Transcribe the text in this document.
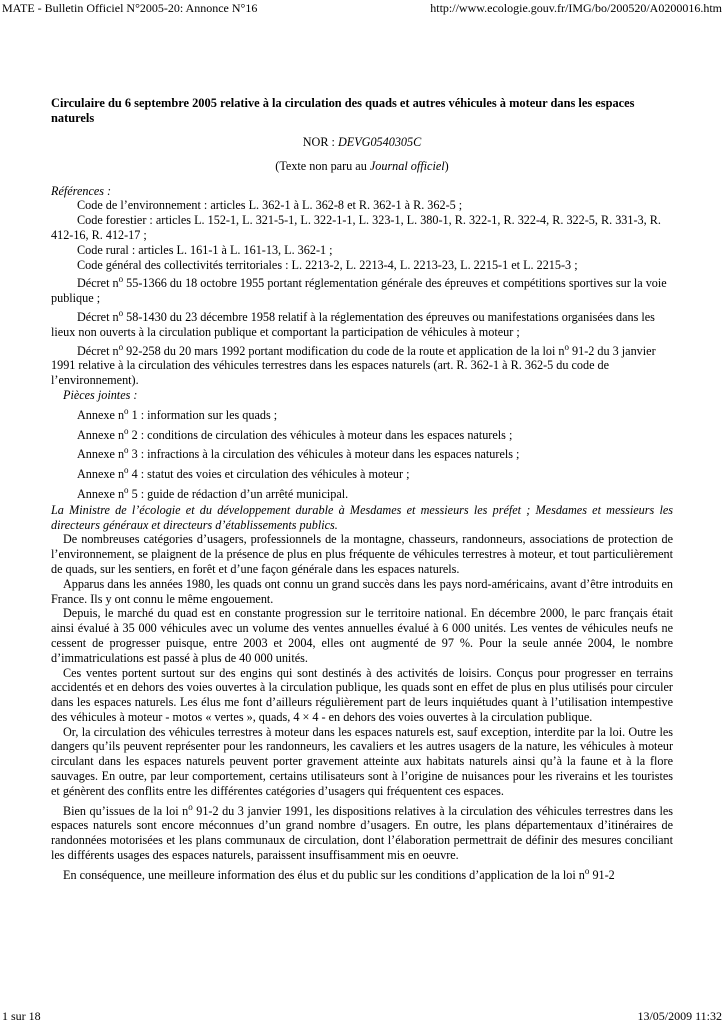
MATE - Bulletin Officiel N°2005-20: Annonce N°16	http://www.ecologie.gouv.fr/IMG/bo/200520/A0200016.htm

Circulaire du 6 septembre 2005 relative à la circulation des quads et autres véhicules à moteur dans les espaces naturels

NOR : DEVG0540305C
(Texte non paru au Journal officiel)
Références :

Code de l’environnement : articles L. 362-1 à L. 362-8 et R. 362-1 à R. 362-5 ;

Code forestier : articles L. 152-1, L. 321-5-1, L. 322-1-1, L. 323-1, L. 380-1, R. 322-1, R. 322-4, R. 322-5, R. 331-3, R. 412-16, R. 412-17 ;

Code rural : articles L. 161-1 à L. 161-13, L. 362-1 ;

Code général des collectivités territoriales : L. 2213-2, L. 2213-4, L. 2213-23, L. 2215-1 et L. 2215-3 ;

Décret $n^o$ 55-1366 du 18 octobre 1955 portant réglementation générale des épreuves et compétitions sportives sur la voie publique ;

Décret $n^o$ 58-1430 du 23 décembre 1958 relatif à la réglementation des épreuves ou manifestations organisées dans les lieux non ouverts à la circulation publique et comportant la participation de véhicules à moteur ;

Décret $n^o$ 92-258 du 20 mars 1992 portant modification du code de la route et application de la loi $n^o$ 91-2 du 3 janvier 1991 relative à la circulation des véhicules terrestres dans les espaces naturels (art. R. 362-1 à R. 362-5 du code de l’environnement).

Pièces jointes :

Annexe $n^o$ 1 : information sur les quads ;

Annexe $n^o$ 2 : conditions de circulation des véhicules à moteur dans les espaces naturels ;

Annexe $n^o$ 3 : infractions à la circulation des véhicules à moteur dans les espaces naturels ;

Annexe $n^o$ 4 : statut des voies et circulation des véhicules à moteur ;

Annexe $n^o$ 5 : guide de rédaction d’un arrêté municipal.

La Ministre de l’écologie et du développement durable à Mesdames et messieurs les préfet ; Mesdames et messieurs les directeurs généraux et directeurs d’établissements publics.

De nombreuses catégories d’usagers, professionnels de la montagne, chasseurs, randonneurs, associations de protection de l’environnement, se plaignent de la présence de plus en plus fréquente de véhicules terrestres à moteur, et tout particulièrement de quads, sur les sentiers, en forêt et d’une façon générale dans les espaces naturels.

Apparus dans les années 1980, les quads ont connu un grand succès dans les pays nord-américains, avant d’être introduits en France. Ils y ont connu le même engouement.

Depuis, le marché du quad est en constante progression sur le territoire national. En décembre 2000, le parc français était ainsi évalué à 35 000 véhicules avec un volume des ventes annuelles évalué à 6 000 unités. Les ventes de véhicules neufs ne cessent de progresser puisque, entre 2003 et 2004, elles ont augmenté de 97 %. Pour la seule année 2004, le nombre d’immatriculations est passé à plus de 40 000 unités.

Ces ventes portent surtout sur des engins qui sont destinés à des activités de loisirs. Conçus pour progresser en terrains accidentés et en dehors des voies ouvertes à la circulation publique, les quads sont en effet de plus en plus utilisés pour circuler dans les espaces naturels. Les élus me font d’ailleurs régulièrement part de leurs inquiétudes quant à l’utilisation intempestive des véhicules à moteur - motos « vertes », quads, 4 × 4 - en dehors des voies ouvertes à la circulation publique.

Or, la circulation des véhicules terrestres à moteur dans les espaces naturels est, sauf exception, interdite par la loi. Outre les dangers qu’ils peuvent représenter pour les randonneurs, les cavaliers et les autres usagers de la nature, les véhicules à moteur circulant dans les espaces naturels peuvent porter gravement atteinte aux habitats naturels ainsi qu’à la faune et à la flore sauvages. En outre, par leur comportement, certains utilisateurs sont à l’origine de nuisances pour les riverains et les touristes et génèrent des conflits entre les différentes catégories d’usagers qui fréquentent ces espaces.

Bien qu’issues de la loi $n^o$ 91-2 du 3 janvier 1991, les dispositions relatives à la circulation des véhicules terrestres dans les espaces naturels sont encore méconnues d’un grand nombre d’usagers. En outre, les plans départementaux d’itinéraires de randonnées motorisées et les plans communaux de circulation, dont l’élaboration permettrait de définir des mesures conciliant les différents usages des espaces naturels, paraissent insuffisamment mis en oeuvre.

En conséquence, une meilleure information des élus et du public sur les conditions d’application de la loi $n^o$ 91-2

1 sur 18	13/05/2009 11:32
